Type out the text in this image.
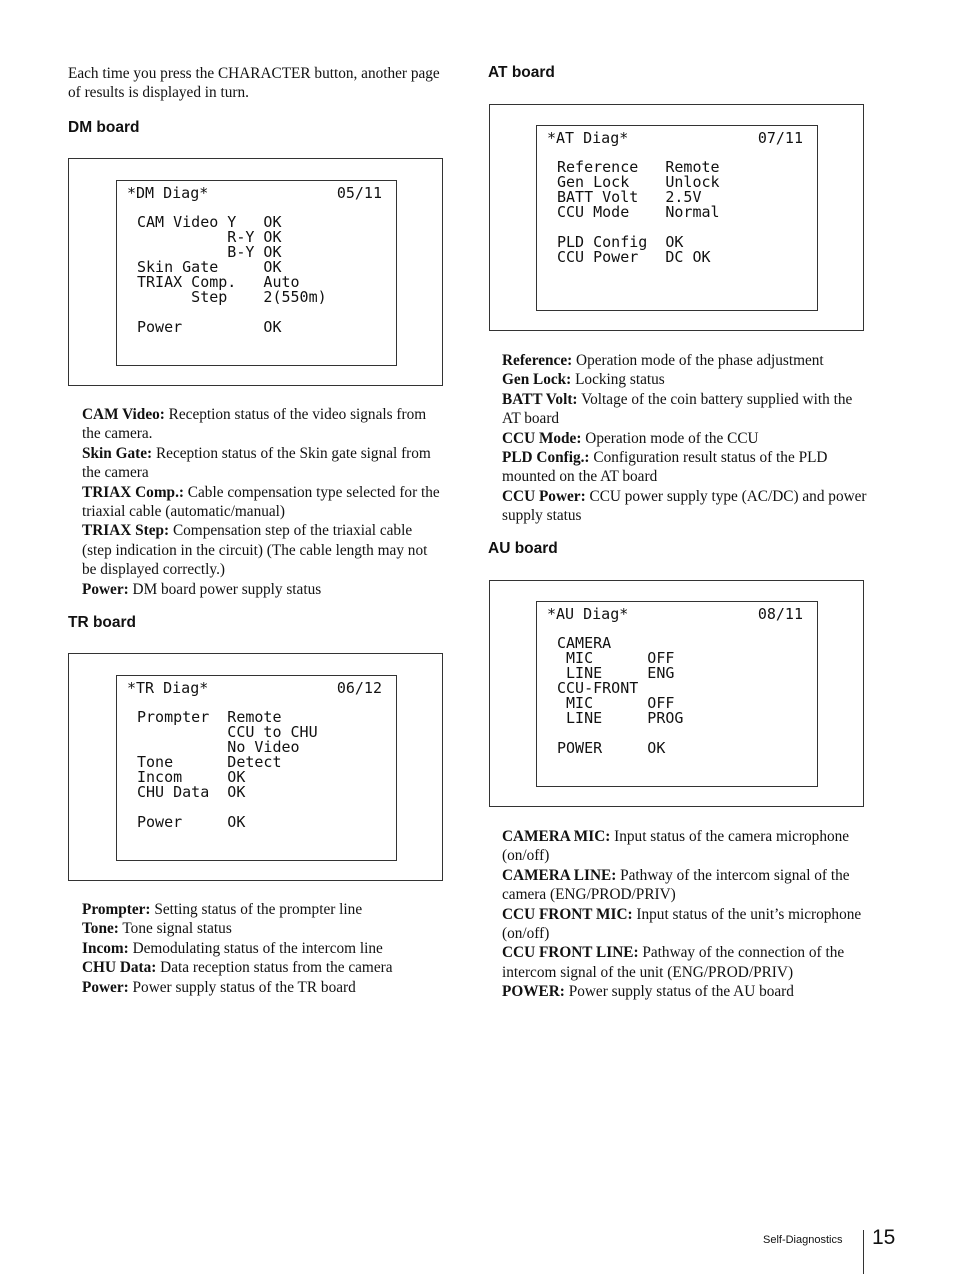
Each time you press the CHARACTER button, another page of results is displayed in turn.

DM board
*DM Diag*	05/11
CAM Video Y   OK
R-Y OK
B-Y OK
Skin Gate     OK
TRIAX Comp.   Auto
Step    2(550m)

Power         OK

CAM Video: Reception status of the video signals from the camera.

Skin Gate: Reception status of the Skin gate signal from the camera

TRIAX Comp.: Cable compensation type selected for the triaxial cable (automatic/manual)

TRIAX Step: Compensation step of the triaxial cable (step indication in the circuit) (The cable length may not be displayed correctly.)

Power: DM board power supply status

TR board
*TR Diag*	06/12
Prompter  Remote
CCU to CHU
No Video
Tone      Detect
Incom     OK
CHU Data  OK

Power     OK

Prompter: Setting status of the prompter line

Tone: Tone signal status

Incom: Demodulating status of the intercom line

CHU Data: Data reception status from the camera

Power: Power supply status of the TR board

AT board
*AT Diag*	07/11
Reference   Remote
Gen Lock    Unlock
BATT Volt   2.5V
CCU Mode    Normal

PLD Config  OK
CCU Power   DC OK

Reference: Operation mode of the phase adjustment

Gen Lock: Locking status

BATT Volt: Voltage of the coin battery supplied with the AT board

CCU Mode: Operation mode of the CCU

PLD Config.: Configuration result status of the PLD mounted on the AT board

CCU Power: CCU power supply type (AC/DC) and power supply status

AU board
*AU Diag*	08/11
CAMERA
MIC      OFF
LINE     ENG
CCU-FRONT
MIC      OFF
LINE     PROG

POWER     OK

CAMERA MIC: Input status of the camera microphone (on/off)

CAMERA LINE: Pathway of the intercom signal of the camera (ENG/PROD/PRIV)

CCU FRONT MIC: Input status of the unit’s microphone (on/off)

CCU FRONT LINE: Pathway of the connection of the intercom signal of the unit (ENG/PROD/PRIV)

POWER: Power supply status of the AU board

Self-Diagnostics 15
